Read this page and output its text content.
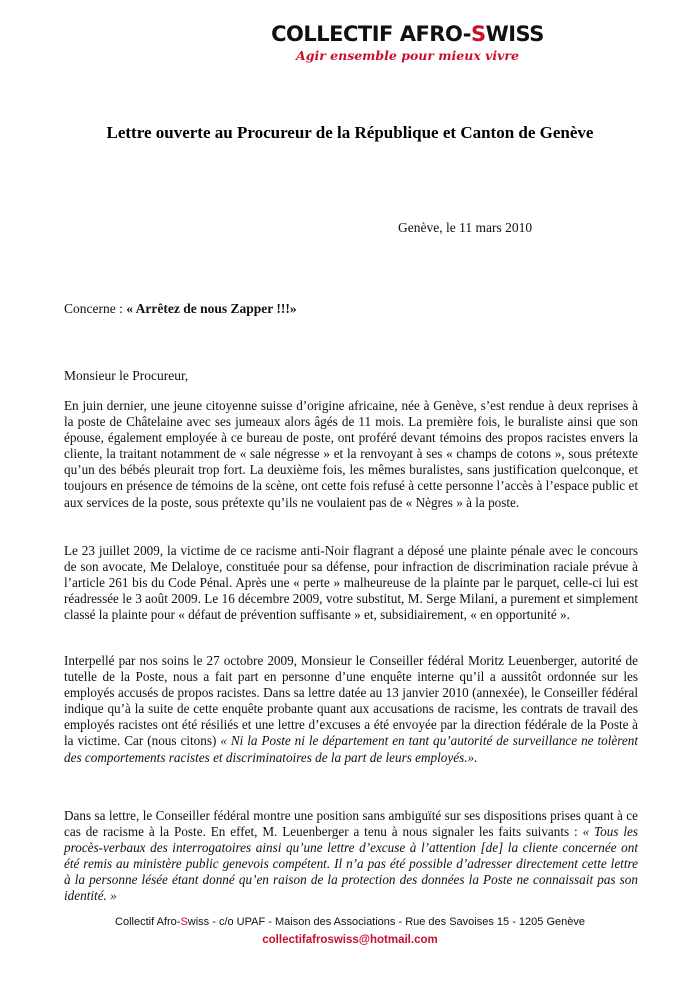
COLLECTIF AFRO-SWISS
Agir ensemble pour mieux vivre
Lettre ouverte au Procureur de la République et Canton de Genève
Genève, le 11 mars 2010
Concerne : « Arrêtez de nous Zapper !!!»
Monsieur le Procureur,

En juin dernier, une jeune citoyenne suisse d’origine africaine, née à Genève, s’est rendue à deux reprises à la poste de Châtelaine avec ses jumeaux alors âgés de 11 mois. La première fois, le buraliste ainsi que son épouse, également employée à ce bureau de poste, ont proféré devant témoins des propos racistes envers la cliente, la traitant notamment de « sale négresse » et la renvoyant à ses « champs de cotons », sous prétexte qu’un des bébés pleurait trop fort. La deuxième fois, les mêmes buralistes, sans justification quelconque, et toujours en présence de témoins de la scène, ont cette fois refusé à cette personne l’accès à l’espace public et aux services de la poste, sous prétexte qu’ils ne voulaient pas de « Nègres » à la poste.

Le 23 juillet 2009, la victime de ce racisme anti-Noir flagrant a déposé une plainte pénale avec le concours de son avocate, Me Delaloye, constituée pour sa défense, pour infraction de discrimination raciale prévue à l’article 261 bis du Code Pénal. Après une « perte » malheureuse de la plainte par le parquet, celle-ci lui est réadressée le 3 août 2009. Le 16 décembre 2009, votre substitut, M. Serge Milani, a purement et simplement classé la plainte pour « défaut de prévention suffisante » et, subsidiairement, « en opportunité ».

Interpellé par nos soins le 27 octobre 2009, Monsieur le Conseiller fédéral Moritz Leuenberger, autorité de tutelle de la Poste, nous a fait part en personne d’une enquête interne qu’il a aussitôt ordonnée sur les employés accusés de propos racistes. Dans sa lettre datée au 13 janvier 2010 (annexée), le Conseiller fédéral indique qu’à la suite de cette enquête probante quant aux accusations de racisme, les contrats de travail des employés racistes ont été résiliés et une lettre d’excuses a été envoyée par la direction fédérale de la Poste à la victime. Car (nous citons) « Ni la Poste ni le département en tant qu’autorité de surveillance ne tolèrent des comportements racistes et discriminatoires de la part de leurs employés.».

Dans sa lettre, le Conseiller fédéral montre une position sans ambiguïté sur ses dispositions prises quant à ce cas de racisme à la Poste. En effet, M. Leuenberger a tenu à nous signaler les faits suivants : « Tous les procès-verbaux des interrogatoires ainsi qu’une lettre d’excuse à l’attention [de] la cliente concernée ont été remis au ministère public genevois compétent. Il n’a pas été possible d’adresser directement cette lettre à la personne lésée étant donné qu’en raison de la protection des données la Poste ne connaissait pas son identité. »

Collectif Afro-Swiss - c/o UPAF - Maison des Associations - Rue des Savoises 15 - 1205 Genève
collectifafroswiss@hotmail.com
